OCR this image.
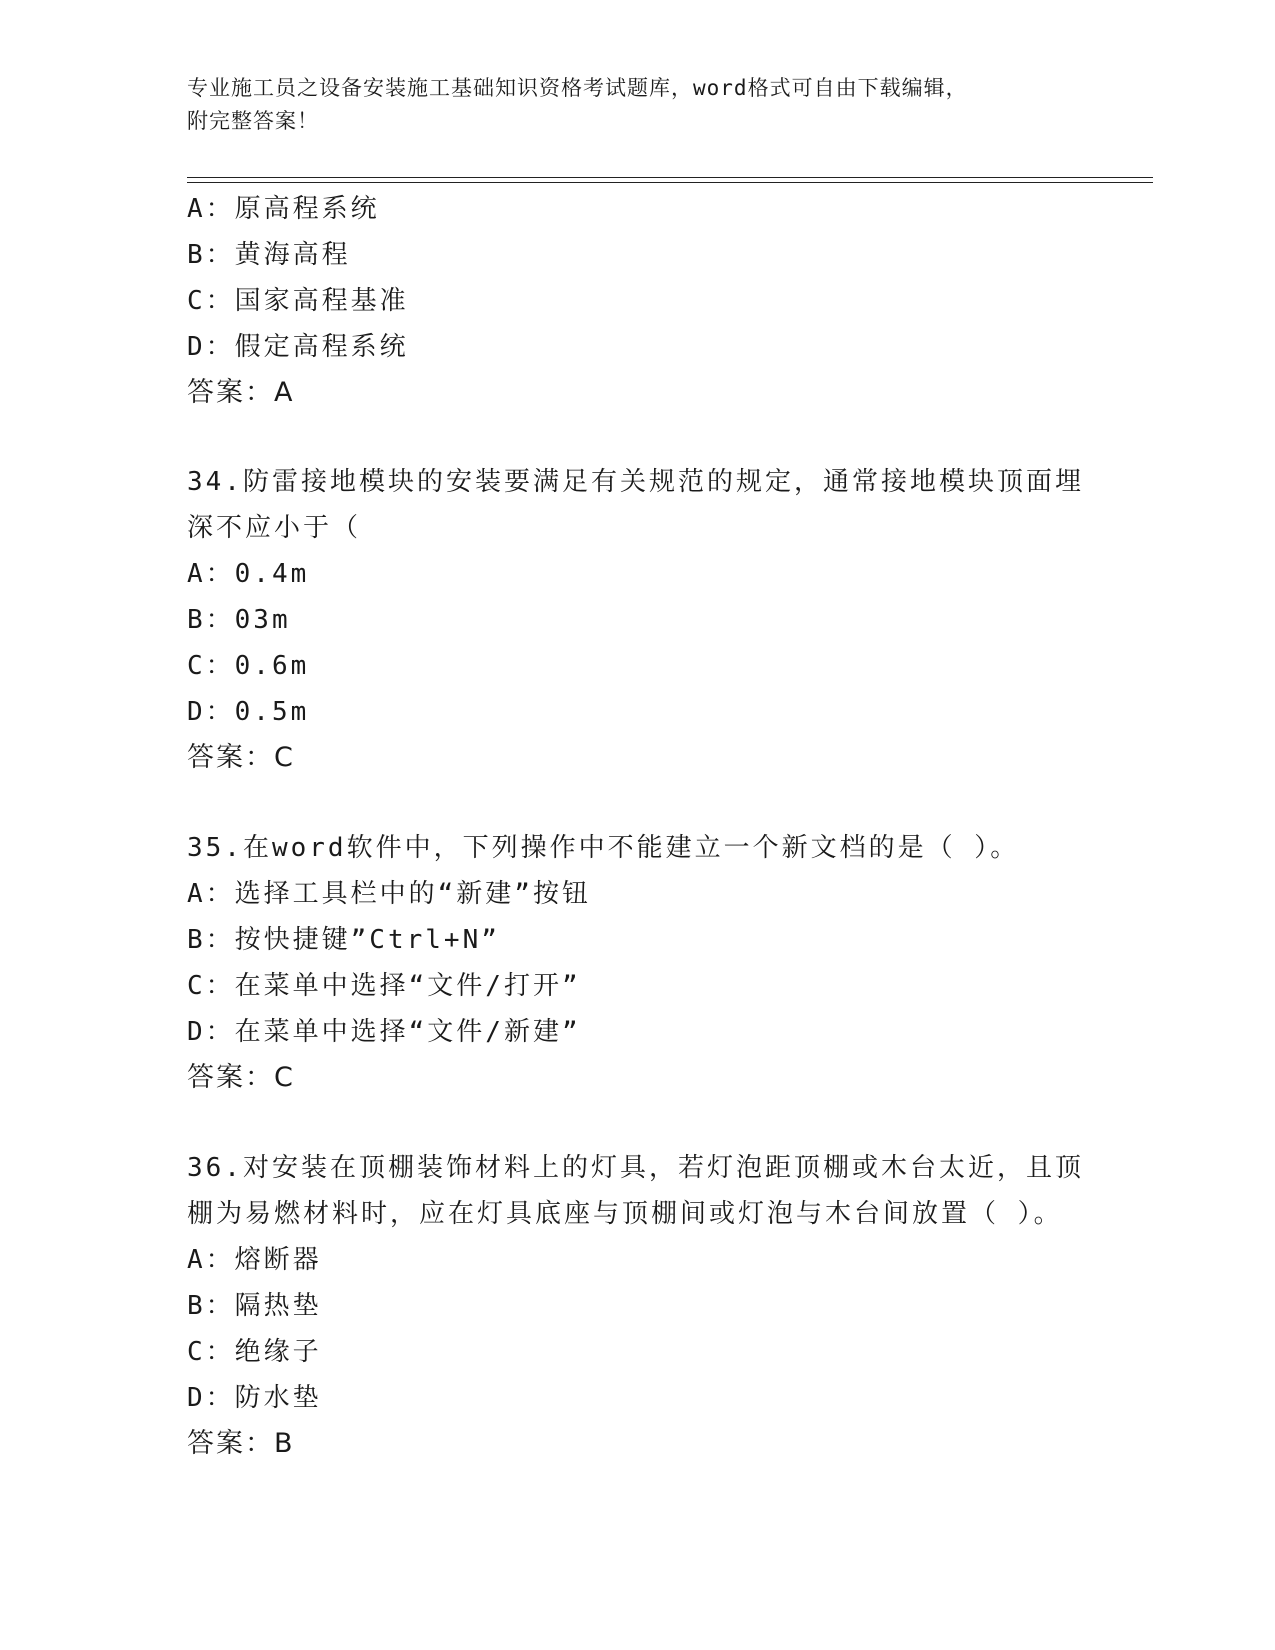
专业施工员之设备安装施工基础知识资格考试题库，word格式可自由下载编辑，
附完整答案！
A：原高程系统
B：黄海高程
C：国家高程基准
D：假定高程系统
答案：A
34.防雷接地模块的安装要满足有关规范的规定，通常接地模块顶面埋
深不应小于（
A：0.4m
B：03m
C：0.6m
D：0.5m
答案：C
35.在word软件中，下列操作中不能建立一个新文档的是（ ）。
A：选择工具栏中的“新建”按钮
B：按快捷键”Ctrl+N”
C：在菜单中选择“文件/打开”
D：在菜单中选择“文件/新建”
答案：C
36.对安装在顶棚装饰材料上的灯具，若灯泡距顶棚或木台太近，且顶
棚为易燃材料时，应在灯具底座与顶棚间或灯泡与木台间放置（ ）。
A：熔断器
B：隔热垫
C：绝缘子
D：防水垫
答案：B
